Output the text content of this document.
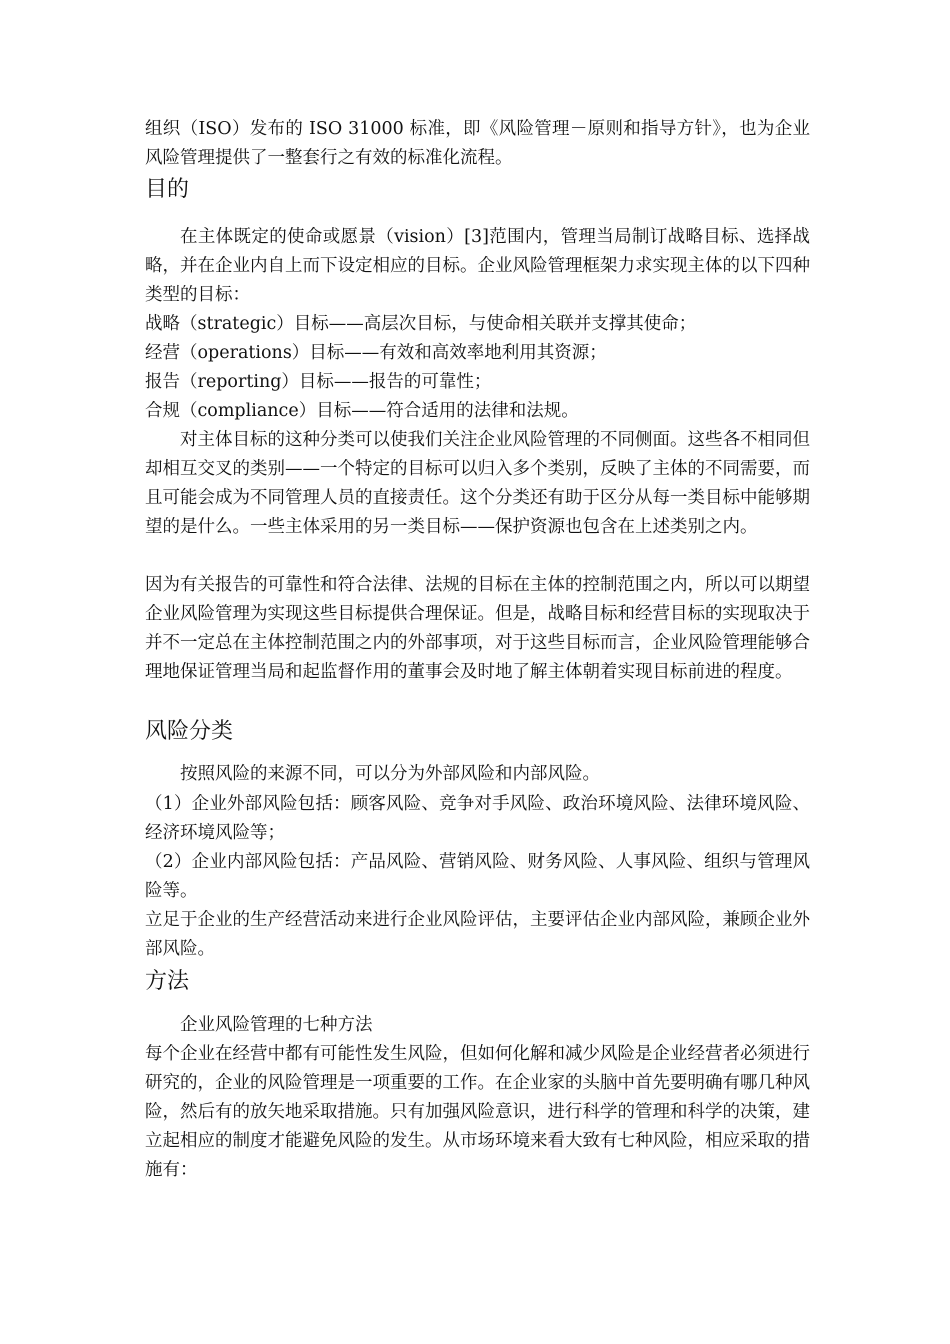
组织（ISO）发布的 ISO 31000 标准，即《风险管理－原则和指导方针》，也为企业风险管理提供了一整套行之有效的标准化流程。

目的

在主体既定的使命或愿景（vision）[3]范围内，管理当局制订战略目标、选择战略，并在企业内自上而下设定相应的目标。企业风险管理框架力求实现主体的以下四种类型的目标：

战略（strategic）目标——高层次目标，与使命相关联并支撑其使命；

经营（operations）目标——有效和高效率地利用其资源；

报告（reporting）目标——报告的可靠性；

合规（compliance）目标——符合适用的法律和法规。

对主体目标的这种分类可以使我们关注企业风险管理的不同侧面。这些各不相同但却相互交叉的类别——一个特定的目标可以归入多个类别，反映了主体的不同需要，而且可能会成为不同管理人员的直接责任。这个分类还有助于区分从每一类目标中能够期望的是什么。一些主体采用的另一类目标——保护资源也包含在上述类别之内。

因为有关报告的可靠性和符合法律、法规的目标在主体的控制范围之内，所以可以期望企业风险管理为实现这些目标提供合理保证。但是，战略目标和经营目标的实现取决于并不一定总在主体控制范围之内的外部事项，对于这些目标而言，企业风险管理能够合理地保证管理当局和起监督作用的董事会及时地了解主体朝着实现目标前进的程度。

风险分类

按照风险的来源不同，可以分为外部风险和内部风险。

（1）企业外部风险包括：顾客风险、竞争对手风险、政治环境风险、法律环境风险、经济环境风险等；

（2）企业内部风险包括：产品风险、营销风险、财务风险、人事风险、组织与管理风险等。

立足于企业的生产经营活动来进行企业风险评估，主要评估企业内部风险，兼顾企业外部风险。

方法

企业风险管理的七种方法

每个企业在经营中都有可能性发生风险，但如何化解和减少风险是企业经营者必须进行研究的，企业的风险管理是一项重要的工作。在企业家的头脑中首先要明确有哪几种风险，然后有的放矢地采取措施。只有加强风险意识，进行科学的管理和科学的决策，建立起相应的制度才能避免风险的发生。从市场环境来看大致有七种风险，相应采取的措施有：
